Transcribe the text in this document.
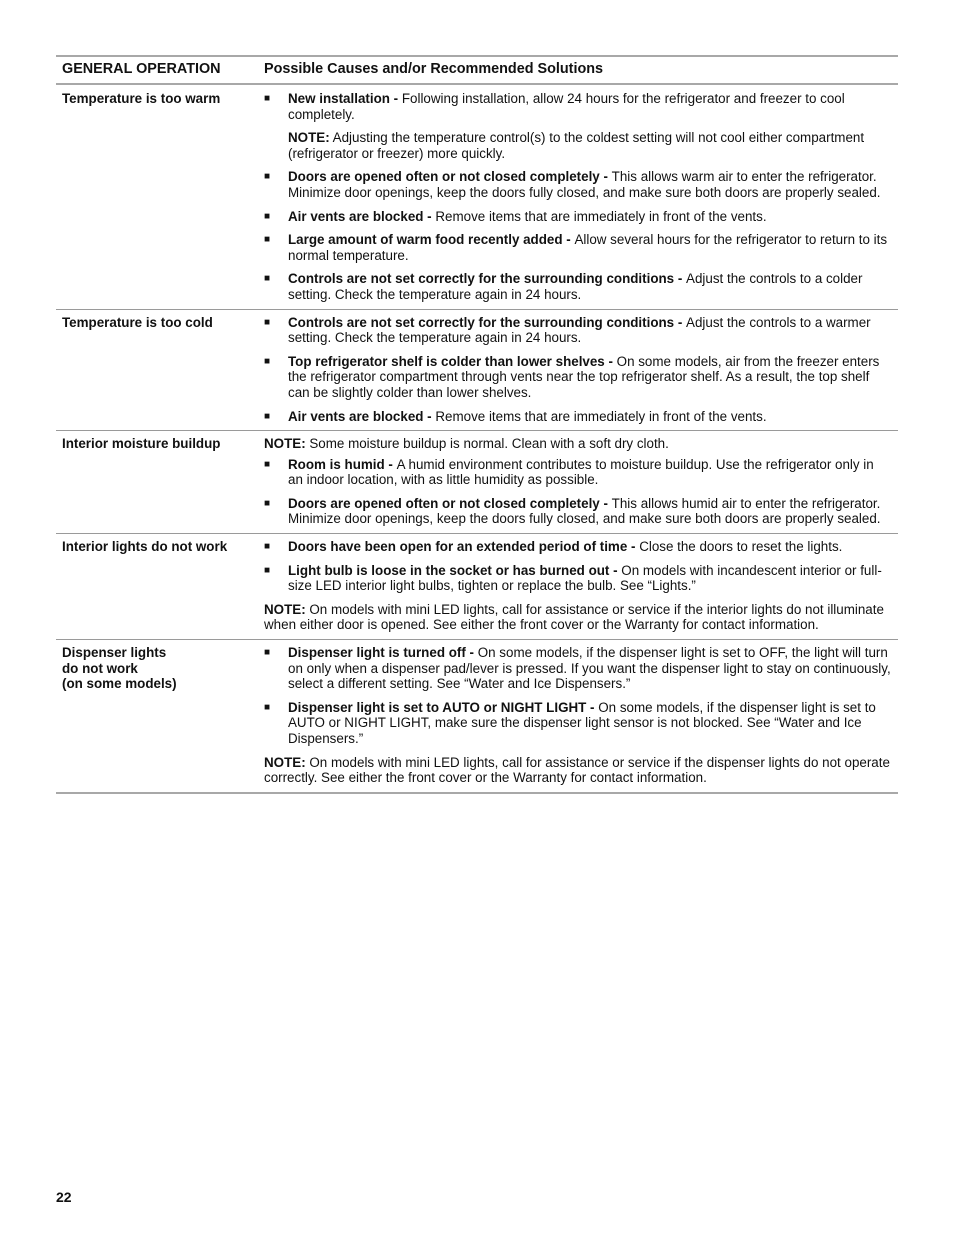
GENERAL OPERATION	Possible Causes and/or Recommended Solutions
Temperature is too warm	■	New installation - Following installation, allow 24 hours for the refrigerator and freezer to cool completely.
NOTE: Adjusting the temperature control(s) to the coldest setting will not cool either compartment (refrigerator or freezer) more quickly.
■	Doors are opened often or not closed completely - This allows warm air to enter the refrigerator. Minimize door openings, keep the doors fully closed, and make sure both doors are properly sealed.
■	Air vents are blocked - Remove items that are immediately in front of the vents.
■	Large amount of warm food recently added - Allow several hours for the refrigerator to return to its normal temperature.
■	Controls are not set correctly for the surrounding conditions - Adjust the controls to a colder setting. Check the temperature again in 24 hours.
Temperature is too cold	■	Controls are not set correctly for the surrounding conditions - Adjust the controls to a warmer setting. Check the temperature again in 24 hours.
■	Top refrigerator shelf is colder than lower shelves - On some models, air from the freezer enters the refrigerator compartment through vents near the top refrigerator shelf. As a result, the top shelf can be slightly colder than lower shelves.
■	Air vents are blocked - Remove items that are immediately in front of the vents.
Interior moisture buildup	NOTE: Some moisture buildup is normal. Clean with a soft dry cloth.
■	Room is humid - A humid environment contributes to moisture buildup. Use the refrigerator only in an indoor location, with as little humidity as possible.
■	Doors are opened often or not closed completely - This allows humid air to enter the refrigerator. Minimize door openings, keep the doors fully closed, and make sure both doors are properly sealed.
Interior lights do not work	■	Doors have been open for an extended period of time - Close the doors to reset the lights.
■	Light bulb is loose in the socket or has burned out - On models with incandescent interior or full-size LED interior light bulbs, tighten or replace the bulb. See “Lights.”
NOTE: On models with mini LED lights, call for assistance or service if the interior lights do not illuminate when either door is opened. See either the front cover or the Warranty for contact information.
Dispenser lights
do not work
(on some models)
■	Dispenser light is turned off - On some models, if the dispenser light is set to OFF, the light will turn on only when a dispenser pad/lever is pressed. If you want the dispenser light to stay on continuously, select a different setting. See “Water and Ice Dispensers.”
■	Dispenser light is set to AUTO or NIGHT LIGHT - On some models, if the dispenser light is set to AUTO or NIGHT LIGHT, make sure the dispenser light sensor is not blocked. See “Water and Ice Dispensers.”
NOTE: On models with mini LED lights, call for assistance or service if the dispenser lights do not operate correctly. See either the front cover or the Warranty for contact information.
22
